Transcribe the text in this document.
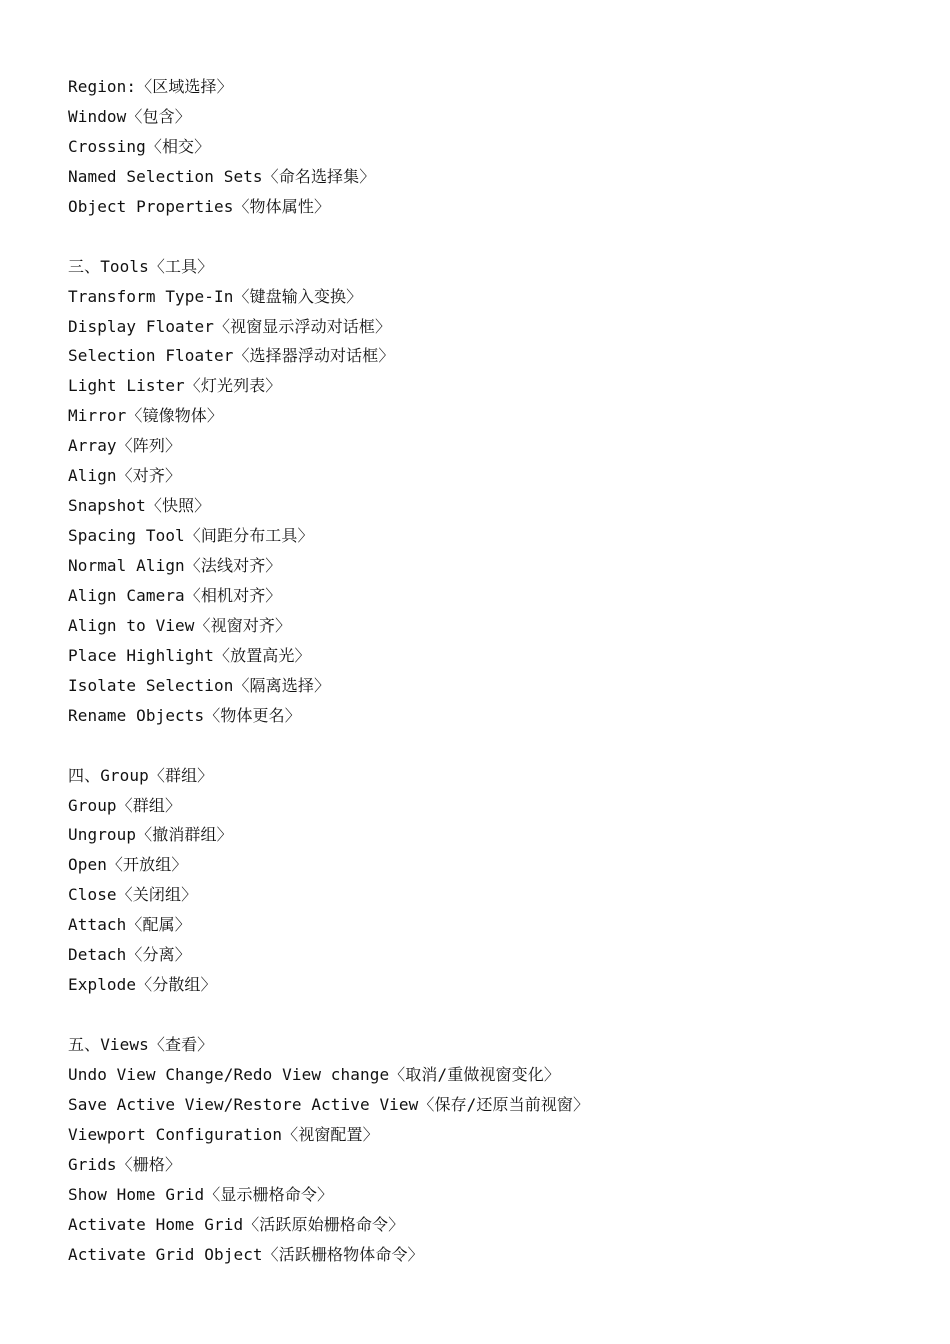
Region:〈区域选择〉
Window〈包含〉
Crossing〈相交〉
Named Selection Sets〈命名选择集〉
Object Properties〈物体属性〉
三、Tools〈工具〉
Transform Type-In〈键盘输入变换〉
Display Floater〈视窗显示浮动对话框〉
Selection Floater〈选择器浮动对话框〉
Light Lister〈灯光列表〉
Mirror〈镜像物体〉
Array〈阵列〉
Align〈对齐〉
Snapshot〈快照〉
Spacing Tool〈间距分布工具〉
Normal Align〈法线对齐〉
Align Camera〈相机对齐〉
Align to View〈视窗对齐〉
Place Highlight〈放置高光〉
Isolate Selection〈隔离选择〉
Rename Objects〈物体更名〉
四、Group〈群组〉
Group〈群组〉
Ungroup〈撤消群组〉
Open〈开放组〉
Close〈关闭组〉
Attach〈配属〉
Detach〈分离〉
Explode〈分散组〉
五、Views〈查看〉
Undo View Change/Redo View change〈取消/重做视窗变化〉
Save Active View/Restore Active View〈保存/还原当前视窗〉
Viewport Configuration〈视窗配置〉
Grids〈栅格〉
Show Home Grid〈显示栅格命令〉
Activate Home Grid〈活跃原始栅格命令〉
Activate Grid Object〈活跃栅格物体命令〉
